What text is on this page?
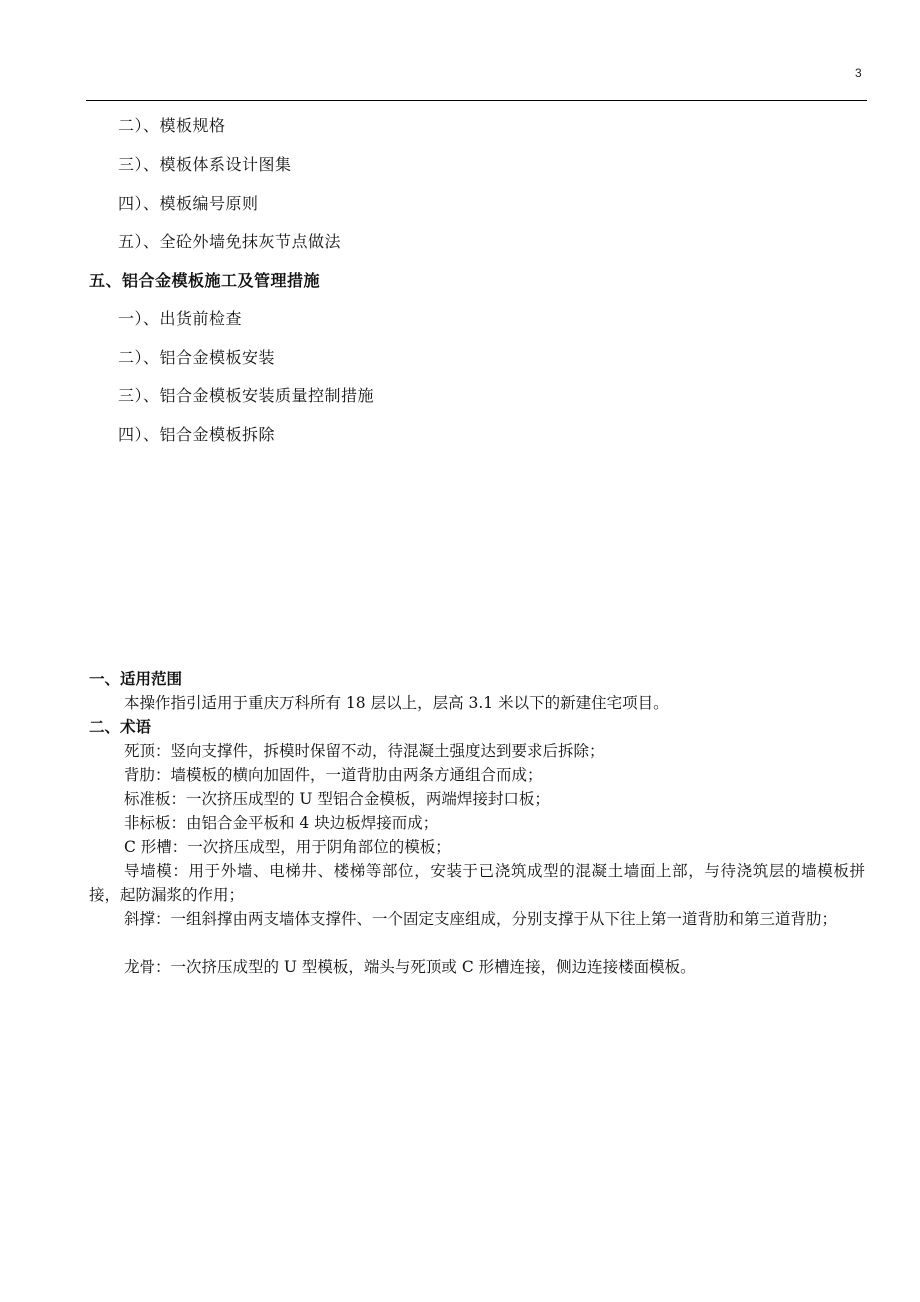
3
二）、模板规格
三）、模板体系设计图集
四）、模板编号原则
五）、全砼外墙免抹灰节点做法
五、铝合金模板施工及管理措施
一）、出货前检查
二）、铝合金模板安装
三）、铝合金模板安装质量控制措施
四）、铝合金模板拆除
一、适用范围

本操作指引适用于重庆万科所有 18 层以上，层高 3.1 米以下的新建住宅项目。

二、术语

死顶：竖向支撑件，拆模时保留不动，待混凝土强度达到要求后拆除；

背肋：墙模板的横向加固件，一道背肋由两条方通组合而成；

标准板：一次挤压成型的 U 型铝合金模板，两端焊接封口板；

非标板：由铝合金平板和 4 块边板焊接而成；

C 形槽：一次挤压成型，用于阴角部位的模板；

导墙模：用于外墙、电梯井、楼梯等部位，安装于已浇筑成型的混凝土墙面上部，与待浇筑层的墙模板拼接，起防漏浆的作用；

斜撑：一组斜撑由两支墙体支撑件、一个固定支座组成，分别支撑于从下往上第一道背肋和第三道背肋；

龙骨：一次挤压成型的 U 型模板，端头与死顶或 C 形槽连接，侧边连接楼面模板。
